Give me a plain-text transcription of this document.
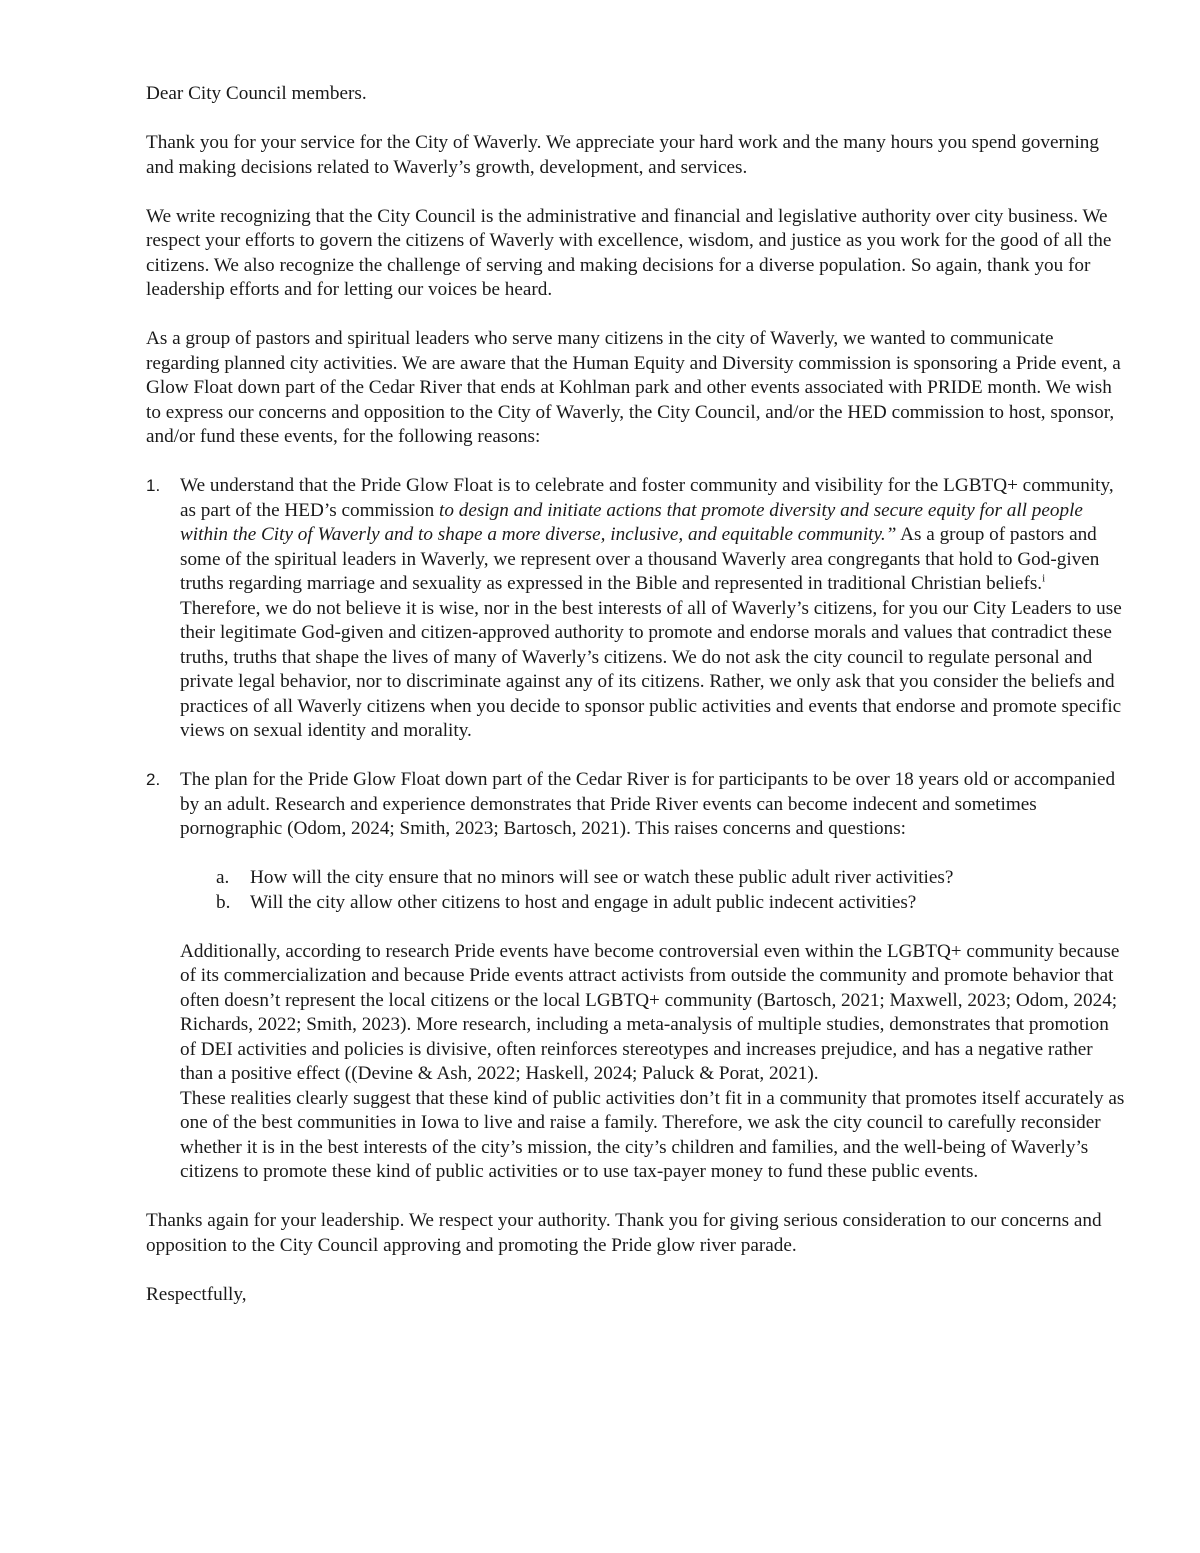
Dear City Council members.

Thank you for your service for the City of Waverly. We appreciate your hard work and the many hours you spend governing and making decisions related to Waverly’s growth, development, and services.

We write recognizing that the City Council is the administrative and financial and legislative authority over city business. We respect your efforts to govern the citizens of Waverly with excellence, wisdom, and justice as you work for the good of all the citizens. We also recognize the challenge of serving and making decisions for a diverse population. So again, thank you for leadership efforts and for letting our voices be heard.

As a group of pastors and spiritual leaders who serve many citizens in the city of Waverly, we wanted to communicate regarding planned city activities. We are aware that the Human Equity and Diversity commission is sponsoring a Pride event, a Glow Float down part of the Cedar River that ends at Kohlman park and other events associated with PRIDE month. We wish to express our concerns and opposition to the City of Waverly, the City Council, and/or the HED commission to host, sponsor, and/or fund these events, for the following reasons:

1.	We understand that the Pride Glow Float is to celebrate and foster community and visibility for the LGBTQ+ community, as part of the HED’s commission to design and initiate actions that promote diversity and secure equity for all people within the City of Waverly and to shape a more diverse, inclusive, and equitable community.” As a group of pastors and some of the spiritual leaders in Waverly, we represent over a thousand Waverly area congregants that hold to God-given truths regarding marriage and sexuality as expressed in the Bible and represented in traditional Christian beliefs.$^i$ Therefore, we do not believe it is wise, nor in the best interests of all of Waverly’s citizens, for you our City Leaders to use their legitimate God-given and citizen-approved authority to promote and endorse morals and values that contradict these truths, truths that shape the lives of many of Waverly’s citizens. We do not ask the city council to regulate personal and private legal behavior, nor to discriminate against any of its citizens. Rather, we only ask that you consider the beliefs and practices of all Waverly citizens when you decide to sponsor public activities and events that endorse and promote specific views on sexual identity and morality.
2.	The plan for the Pride Glow Float down part of the Cedar River is for participants to be over 18 years old or accompanied by an adult. Research and experience demonstrates that Pride River events can become indecent and sometimes pornographic (Odom, 2024; Smith, 2023; Bartosch, 2021). This raises concerns and questions:
a.	How will the city ensure that no minors will see or watch these public adult river activities?
b.	Will the city allow other citizens to host and engage in adult public indecent activities?

Additionally, according to research Pride events have become controversial even within the LGBTQ+ community because of its commercialization and because Pride events attract activists from outside the community and promote behavior that often doesn’t represent the local citizens or the local LGBTQ+ community (Bartosch, 2021; Maxwell, 2023; Odom, 2024; Richards, 2022; Smith, 2023). More research, including a meta-analysis of multiple studies, demonstrates that promotion of DEI activities and policies is divisive, often reinforces stereotypes and increases prejudice, and has a negative rather than a positive effect ((Devine & Ash, 2022; Haskell, 2024; Paluck & Porat, 2021).

These realities clearly suggest that these kind of public activities don’t fit in a community that promotes itself accurately as one of the best communities in Iowa to live and raise a family. Therefore, we ask the city council to carefully reconsider whether it is in the best interests of the city’s mission, the city’s children and families, and the well-being of Waverly’s citizens to promote these kind of public activities or to use tax-payer money to fund these public events.

Thanks again for your leadership. We respect your authority. Thank you for giving serious consideration to our concerns and opposition to the City Council approving and promoting the Pride glow river parade.

Respectfully,
